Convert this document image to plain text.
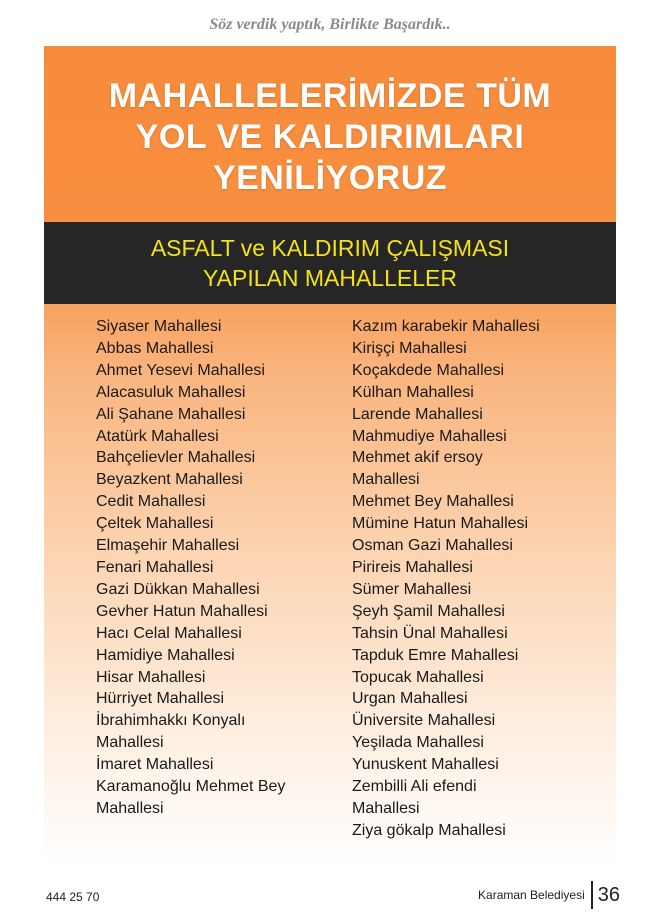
Söz verdik yaptık, Birlikte Başardık..
MAHALLELERİMİZDE TÜM
YOL VE KALDIRIMLARI
YENİLİYORUZ
ASFALT ve KALDIRIM ÇALIŞMASI
YAPILAN MAHALLELER
Siyaser Mahallesi
Abbas Mahallesi
Ahmet Yesevi Mahallesi
Alacasuluk Mahallesi
Ali Şahane Mahallesi
Atatürk Mahallesi
Bahçelievler Mahallesi
Beyazkent Mahallesi
Cedit Mahallesi
Çeltek Mahallesi
Elmaşehir Mahallesi
Fenari Mahallesi
Gazi Dükkan Mahallesi
Gevher Hatun Mahallesi
Hacı Celal Mahallesi
Hamidiye Mahallesi
Hisar Mahallesi
Hürriyet Mahallesi
İbrahimhakkı Konyalı
Mahallesi
İmaret Mahallesi
Karamanoğlu Mehmet Bey
Mahallesi
Kazım karabekir Mahallesi
Kirişçi Mahallesi
Koçakdede Mahallesi
Külhan Mahallesi
Larende Mahallesi
Mahmudiye Mahallesi
Mehmet akif ersoy
Mahallesi
Mehmet Bey Mahallesi
Mümine Hatun Mahallesi
Osman Gazi Mahallesi
Pirireis Mahallesi
Sümer Mahallesi
Şeyh Şamil Mahallesi
Tahsin Ünal Mahallesi
Tapduk Emre Mahallesi
Topucak Mahallesi
Urgan Mahallesi
Üniversite Mahallesi
Yeşilada Mahallesi
Yunuskent Mahallesi
Zembilli Ali efendi
Mahallesi
Ziya gökalp Mahallesi
444 25 70	Karaman Belediyesi 36
